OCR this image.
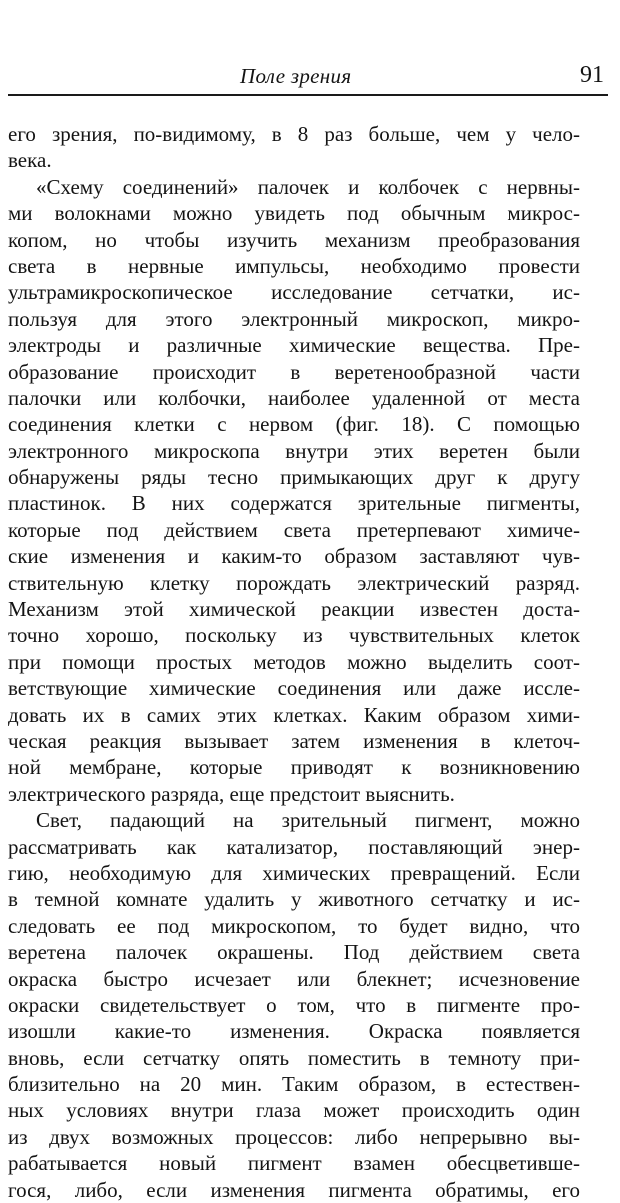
Поле зрения	91
его зрения, по-видимому, в 8 раз больше, чем у чело-
века.
«Схему соединений» палочек и колбочек с нервны-
ми волокнами можно увидеть под обычным микрос-
копом, но чтобы изучить механизм преобразования
света в нервные импульсы, необходимо провести
ультрамикроскопическое исследование сетчатки, ис-
пользуя для этого электронный микроскоп, микро-
электроды и различные химические вещества. Пре-
образование происходит в веретенообразной части
палочки или колбочки, наиболее удаленной от места
соединения клетки с нервом (фиг. 18). С помощью
электронного микроскопа внутри этих веретен были
обнаружены ряды тесно примыкающих друг к другу
пластинок. В них содержатся зрительные пигменты,
которые под действием света претерпевают химиче-
ские изменения и каким-то образом заставляют чув-
ствительную клетку порождать электрический разряд.
Механизм этой химической реакции известен доста-
точно хорошо, поскольку из чувствительных клеток
при помощи простых методов можно выделить соот-
ветствующие химические соединения или даже иссле-
довать их в самих этих клетках. Каким образом хими-
ческая реакция вызывает затем изменения в клеточ-
ной мембране, которые приводят к возникновению
электрического разряда, еще предстоит выяснить.
Свет, падающий на зрительный пигмент, можно
рассматривать как катализатор, поставляющий энер-
гию, необходимую для химических превращений. Если
в темной комнате удалить у животного сетчатку и ис-
следовать ее под микроскопом, то будет видно, что
веретена палочек окрашены. Под действием света
окраска быстро исчезает или блекнет; исчезновение
окраски свидетельствует о том, что в пигменте про-
изошли какие-то изменения. Окраска появляется
вновь, если сетчатку опять поместить в темноту при-
близительно на 20 мин. Таким образом, в естествен-
ных условиях внутри глаза может происходить один
из двух возможных процессов: либо непрерывно вы-
рабатывается новый пигмент взамен обесцветивше-
гося, либо, если изменения пигмента обратимы, его
